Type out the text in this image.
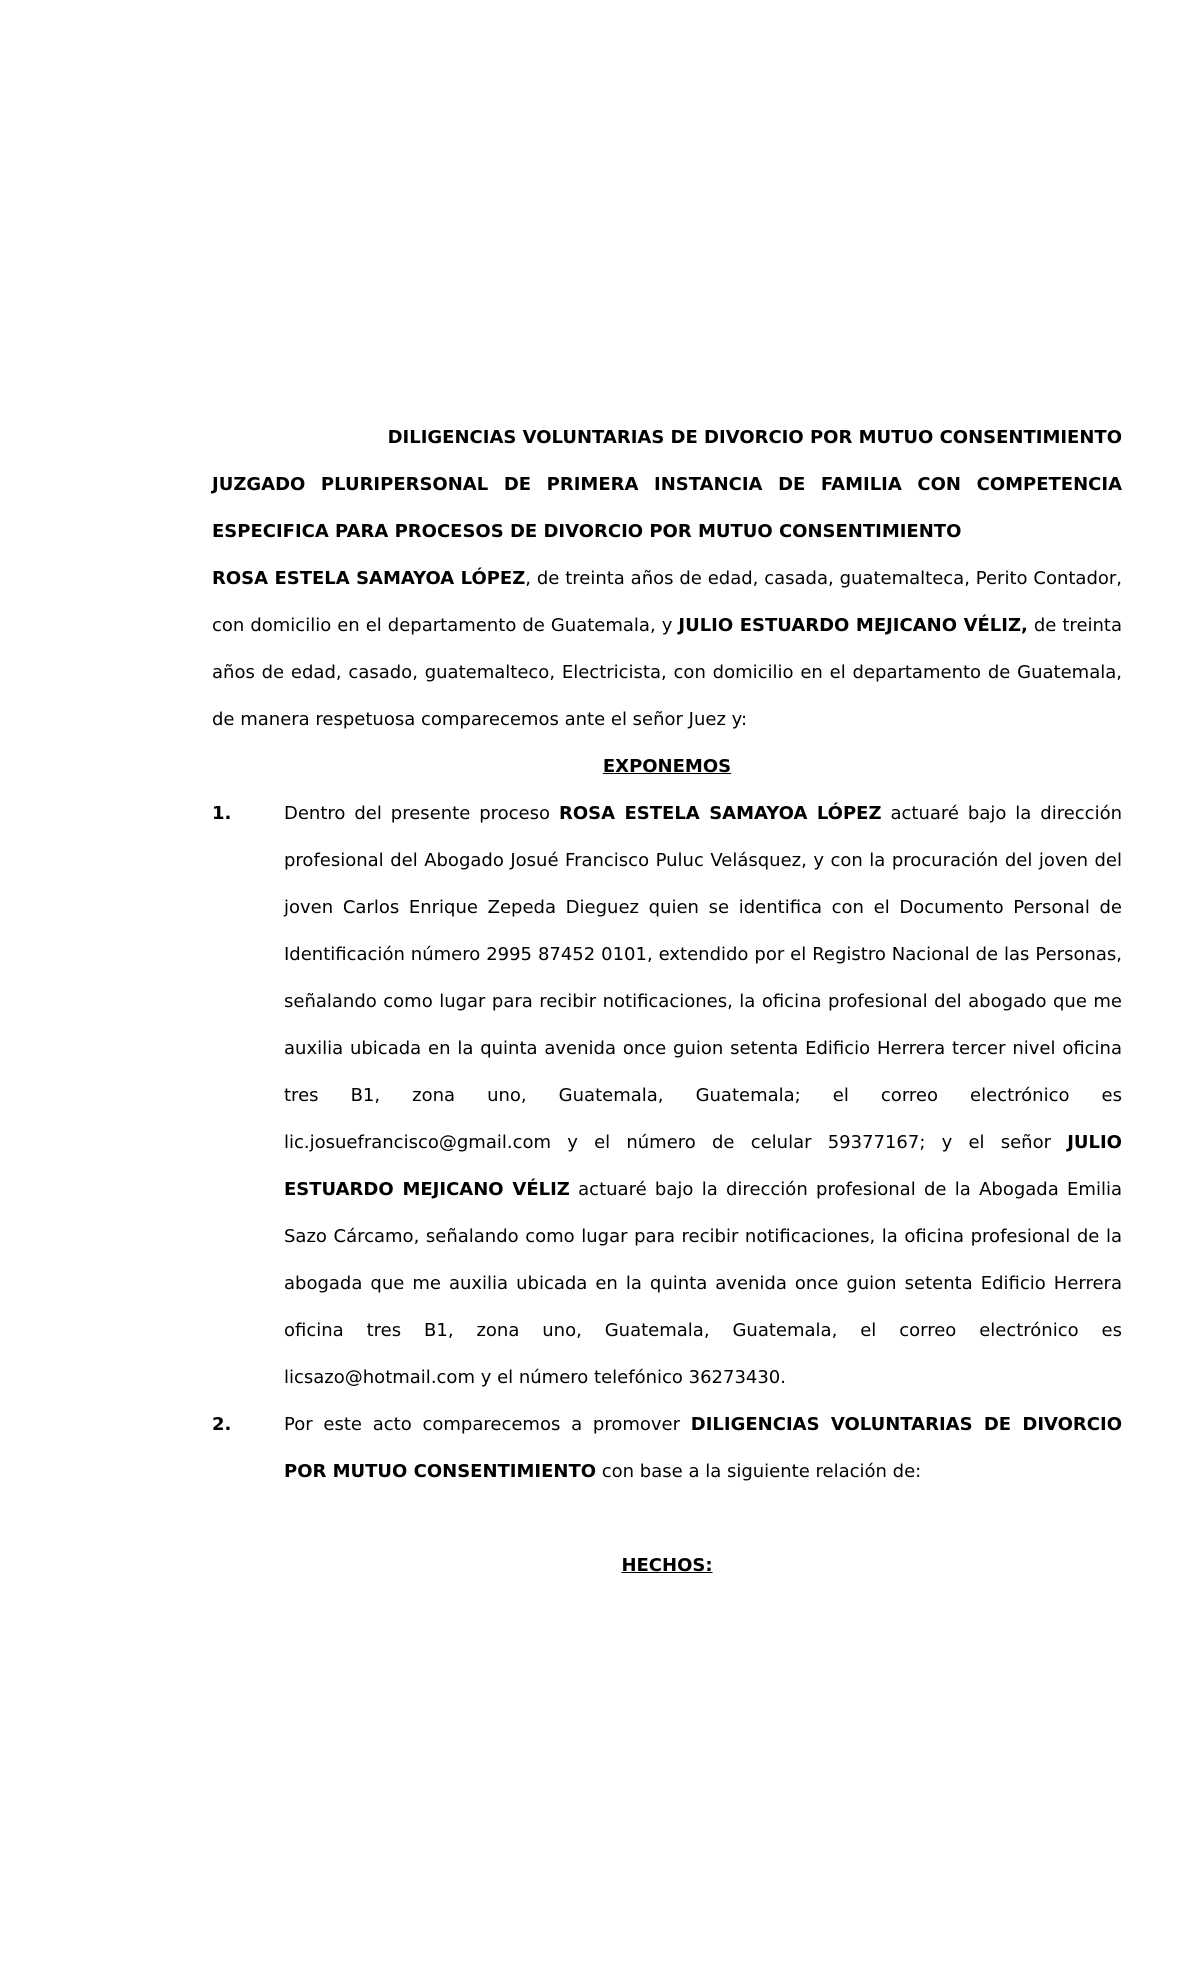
DILIGENCIAS VOLUNTARIAS DE DIVORCIO POR MUTUO CONSENTIMIENTO

JUZGADO PLURIPERSONAL DE PRIMERA INSTANCIA DE FAMILIA CON COMPETENCIA

ESPECIFICA PARA PROCESOS DE DIVORCIO POR MUTUO CONSENTIMIENTO

ROSA ESTELA SAMAYOA LÓPEZ, de treinta años de edad, casada, guatemalteca, Perito Contador, con domicilio en el departamento de Guatemala, y JULIO ESTUARDO MEJICANO VÉLIZ, de treinta años de edad, casado, guatemalteco, Electricista, con domicilio en el departamento de Guatemala, de manera respetuosa comparecemos ante el señor Juez y:

EXPONEMOS

1.	Dentro del presente proceso ROSA ESTELA SAMAYOA LÓPEZ actuaré bajo la dirección profesional del Abogado Josué Francisco Puluc Velásquez, y con la procuración del joven del joven Carlos Enrique Zepeda Dieguez quien se identifica con el Documento Personal de Identificación número 2995 87452 0101, extendido por el Registro Nacional de las Personas, señalando como lugar para recibir notificaciones, la oficina profesional del abogado que me auxilia ubicada en la quinta avenida once guion setenta Edificio Herrera tercer nivel oficina tres B1, zona uno, Guatemala, Guatemala; el correo electrónico es lic.josuefrancisco@gmail.com y el número de celular 59377167; y el señor JULIO ESTUARDO MEJICANO VÉLIZ actuaré bajo la dirección profesional de la Abogada Emilia Sazo Cárcamo, señalando como lugar para recibir notificaciones, la oficina profesional de la abogada que me auxilia ubicada en la quinta avenida once guion setenta Edificio Herrera oficina tres B1, zona uno, Guatemala, Guatemala, el correo electrónico es licsazo@hotmail.com y el número telefónico 36273430.
2.	Por este acto comparecemos a promover DILIGENCIAS VOLUNTARIAS DE DIVORCIO POR MUTUO CONSENTIMIENTO con base a la siguiente relación de:

HECHOS:
